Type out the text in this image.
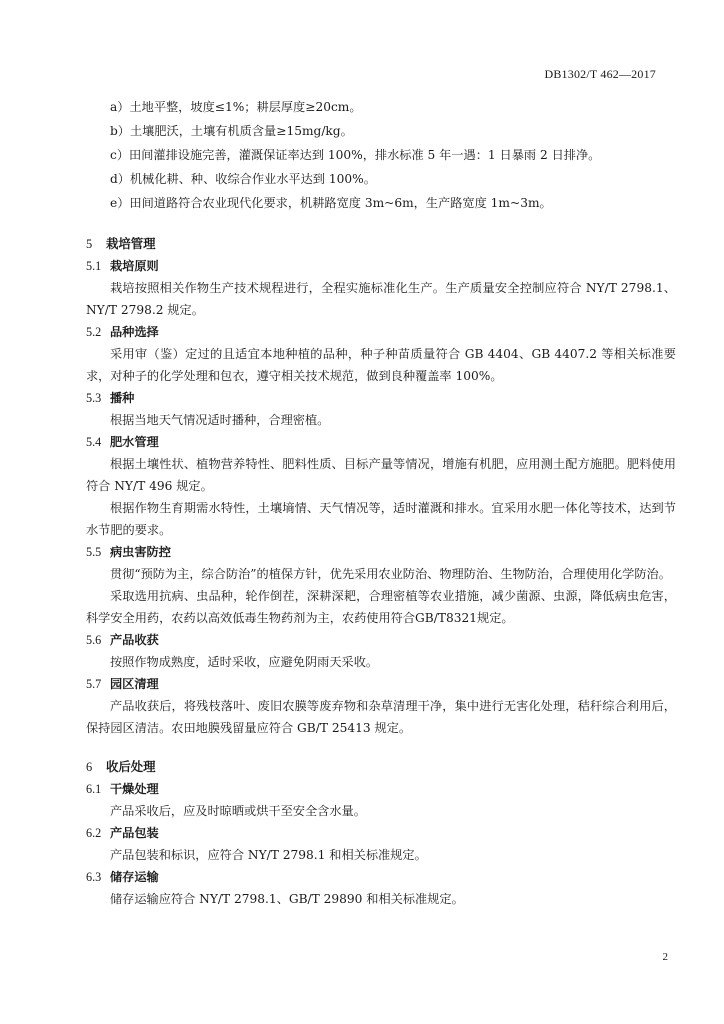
DB1302/T 462—2017
a）土地平整，坡度≤1%；耕层厚度≥20cm。
b）土壤肥沃，土壤有机质含量≥15mg/kg。
c）田间灌排设施完善，灌溉保证率达到 100%，排水标准 5 年一遇：1 日暴雨 2 日排净。
d）机械化耕、种、收综合作业水平达到 100%。
e）田间道路符合农业现代化要求，机耕路宽度 3m~6m，生产路宽度 1m~3m。
5 栽培管理
5.1 栽培原则
栽培按照相关作物生产技术规程进行，全程实施标准化生产。生产质量安全控制应符合 NY/T 2798.1、NY/T 2798.2 规定。
5.2 品种选择
采用审（鉴）定过的且适宜本地种植的品种，种子种苗质量符合 GB 4404、GB 4407.2 等相关标准要求，对种子的化学处理和包衣，遵守相关技术规范，做到良种覆盖率 100%。
5.3 播种
根据当地天气情况适时播种，合理密植。
5.4 肥水管理
根据土壤性状、植物营养特性、肥料性质、目标产量等情况，增施有机肥，应用测土配方施肥。肥料使用符合 NY/T 496 规定。
根据作物生育期需水特性，土壤墒情、天气情况等，适时灌溉和排水。宜采用水肥一体化等技术，达到节水节肥的要求。
5.5 病虫害防控
贯彻“预防为主，综合防治”的植保方针，优先采用农业防治、物理防治、生物防治，合理使用化学防治。
采取选用抗病、虫品种，轮作倒茬，深耕深耙，合理密植等农业措施，减少菌源、虫源，降低病虫危害，科学安全用药，农药以高效低毒生物药剂为主，农药使用符合GB/T8321规定。
5.6 产品收获
按照作物成熟度，适时采收，应避免阴雨天采收。
5.7 园区清理
产品收获后，将残枝落叶、废旧农膜等废弃物和杂草清理干净，集中进行无害化处理，秸秆综合利用后，保持园区清洁。农田地膜残留量应符合 GB/T 25413 规定。
6 收后处理
6.1 干燥处理
产品采收后，应及时晾晒或烘干至安全含水量。
6.2 产品包装
产品包装和标识，应符合 NY/T 2798.1 和相关标准规定。
6.3 储存运输
储存运输应符合 NY/T 2798.1、GB/T 29890 和相关标准规定。
2
